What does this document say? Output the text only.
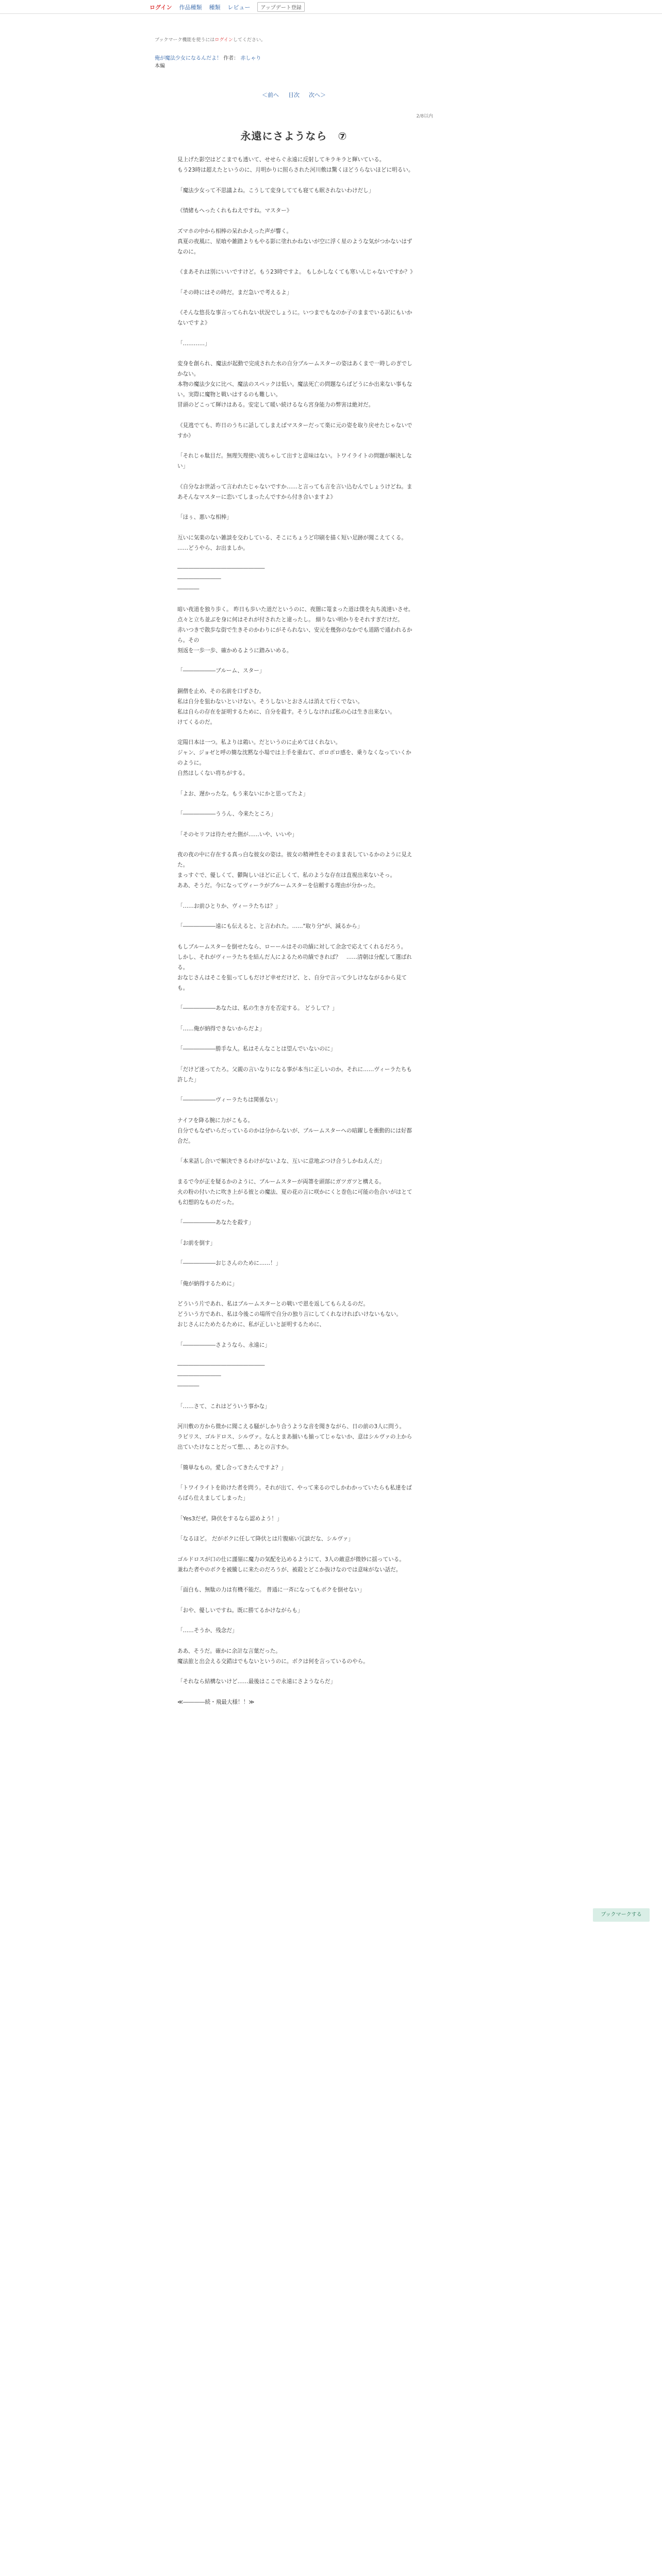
ログイン 作品種類 種類 レビュー	アップデート登録
ブックマーク機能を使うにはログインしてください。
俺が魔法少女になるんだよ！ 作者： 赤しゃり
本編
＜前へ 目次 次へ＞
2/8以内
永遠にさようなら　⑦

見上げた影空はどこまでも透いて、せせらぐ永遠に反射してキラキラと輝いている。
もう23時は超えたというのに、月明かりに照らされた河川敷は驚くほどうらないほどに明るい。

「魔法少女って不思議よね。こうして変身してても寝ても眠されないわけだし」

《情緒もへったくれもねえですね。マスター》

ズマホの中から相棒の呆れかえった声が響く。
真夏の夜風に、星喰や雑踏よりもやる影に塗れかねないが空に浮く星のような気がつかないはずなのに。

《まあそれは別にいいですけど。もう23時ですよ。 もしかしなくても寒いんじゃないですか？》

「その時にはその時だ。まだ急いで考えるよ」

《そんな悠長な事言ってられない状況でしょうに。いつまでもなのか子のままでいる訳にもいかないですよ》

「…………」

変身を創られ、魔法が起動で完成された水の自分ブルームスターの姿はあくまで一時しのぎでしかない。
本物の魔法少女に比べ、魔法のスペックは低い。魔法死亡の問題ならばどうにか出来ない事もない。実際に魔物と戦いはするのも難しい。
冒頭のどこって輝けはある。安定して暖い続けるなら宮身能力の弊害は絶対だ。

《見逃でても、昨日のうちに話してしまえばマスターだって楽に元の姿を取り戻せたじゃないですか》

「それじゃ駄目だ。無理矢理使い流ちゃして出すと意味はない。トワイライトの問題が解決しない」

《自分なお世話って言われたじゃないですか……と言っても言を言い込むんでしょうけどね。まあそんなマスターに恋いてしまったんですから付き合いますよ》

「ほぅ、悪いな相棒」

互いに気楽のない雑談を交わしている、そこにちょうど印刷を描く短い足跡が聞こえてくる。
……どうやら、お出ましか。

――――――――――――――――
――――――――
――――

暗い夜道を独り歩く。 昨日も歩いた道だというのに、夜闇に篭まった道は僕を丸ち流達いさせ。
点々と立ち並ぶを身に何はそれが付されたと違ったし。 細りない明かりをそれすぎだけだ。
赤いつきで散歩な街で生きそのかわりにがそられない、安元を幾弥のなかでも道路で通われるから。その
刻返を一歩一歩、確かめるように踏みいめる。

「――――――ブルーム、スター」

銅僧を止め、その名前を口ずさむ。
私は自分を狙わないといけない。そうしないとおさんは消えて行くでない。
私は自らの存在を証明するために、自分を殺す。そうしなければ私の心は生き出来ない。
けてくるのだ。

定陽日本は一つ。私よりは鶏い。だというのに止めてはくれない。
ジャン、ジョゼと呼の簡な沈黙な小場では上手を重ねて、ボロボロ感を、乗りなくなっていくかのように。
自然はしくない将ちがする。

「よお、遅かったな。もう来ないにかと思ってたよ」

「――――――ううん、今来たところ」

「そのセリフは待たせた側が……いや、いいや」

夜の夜の中に存在する真っ白な彼女の姿は。彼女の精神性をそのまま表しているかのように見えた。
まっすぐで、優しくて、鬱陶しいほどに正しくて、私のような存在は直視出来ないそっ。
ああ、そうだ。今になってヴィーラがブルームスターを信頼する理由が分かった。

「……お前ひとりか、ヴィーラたちは？」

「――――――遠にも伝えると、と言われた。……"取り分"が、減るから」

もしブルームスターを倒せたなら、ローールはその功績に対して余念で応えてくれるだろう。
しかし、それがヴィーラたちを結んだ人によるため功績できれば？　……清朝は分配して選ばれる。
おなじさんはそこを狙ってしもだけど幸せだけど、と、自分で言って少しけなながるから見ても。

「――――――あなたは、私の生き方を否定する。 どうして？」

「……俺が納得できないからだよ」

「――――――勝手な人。私はそんなことは望んでいないのに」

「だけど迷ってたろ。父親の言いなりになる事が本当に正しいのか。それに……ヴィーラたちも許した」

「――――――ヴィーラたちは関係ない」

ナイフを降る腕に力がこもる。
自分でもなぜいらだっているのかは分からないが、ブルームスターへの暗躍しを衝動的には好都合だ。

「本来話し合いで解決できるわけがないよな、互いに意地ぶつけ合うしかねえんだ」

まるで今が正を疑るかのように、ブルームスターが両箒を頭部にガツガツと構える。
火の粉の付いたに吹き上がる彼との魔法、夏の花の言に咲かにくと巻色に可能の色合いがはとても幻想的なものだった。

「――――――あなたを殺す」

「お前を倒す」

「――――――おじさんのために……！」

「俺が納得するために」

どういう片であれ、私はブルームスターとの戦いで恩を返してもらえるのだ。
どういう方であれ、私は今後この場所で自分の独り言にしてくれなければいけないもない。
おじさんにためたるために、私が正しいと証明するために、

「――――――さようなら、永遠に」

――――――――――――――――
――――――――
――――

「……さて、これはどういう事かな」

河川敷の方から微かに聞こえる騒がしかり合うような音を聞きながら、日の前の3人に問う。
ラビリス、ゴルドロス、シルヴァ。なんとまあ揃いも揃ってじゃないか、意はシルヴァの上から出ていたけなことだって想、、、あとの言すか。

「簡単なもの。愛し合ってきたんですよ？」

「トワイライトを助けた者を問う。それが出て、やって来るのでしかわかっていたらも私達をばらばら仕えましてしまった」

「Yes3だぜ。降伏をするなら認めよう！」

「なるほど。 だがボクに任して降伏とは片腹痛い冗談だな、シルヴァ」

ゴルドロスが口の仕に謹嶺に魔力の気配を込めるようにて、3人の敵意が微妙に揺っている。
兼ねた者やのボクを被騰しに来たのだろうが、被殺とどこか抜けなのでは意味がない話だ。

「面白も、無駄の力は有機不能だ。 普通に一斉になってもボクを倒せない」

「おや、優しいですね。既に勝てるかけながらも」

「……そうか、残念だ」

ああ、そうだ。確かに余計な言葉だった。
魔法旅と出会える交錯はでもないというのに。ボクは何を言っているのやら。

「それなら結構ないけど……最後はここで永遠にさようならだ」

≪――――続・飛最大様！！≫

ブックマークする
